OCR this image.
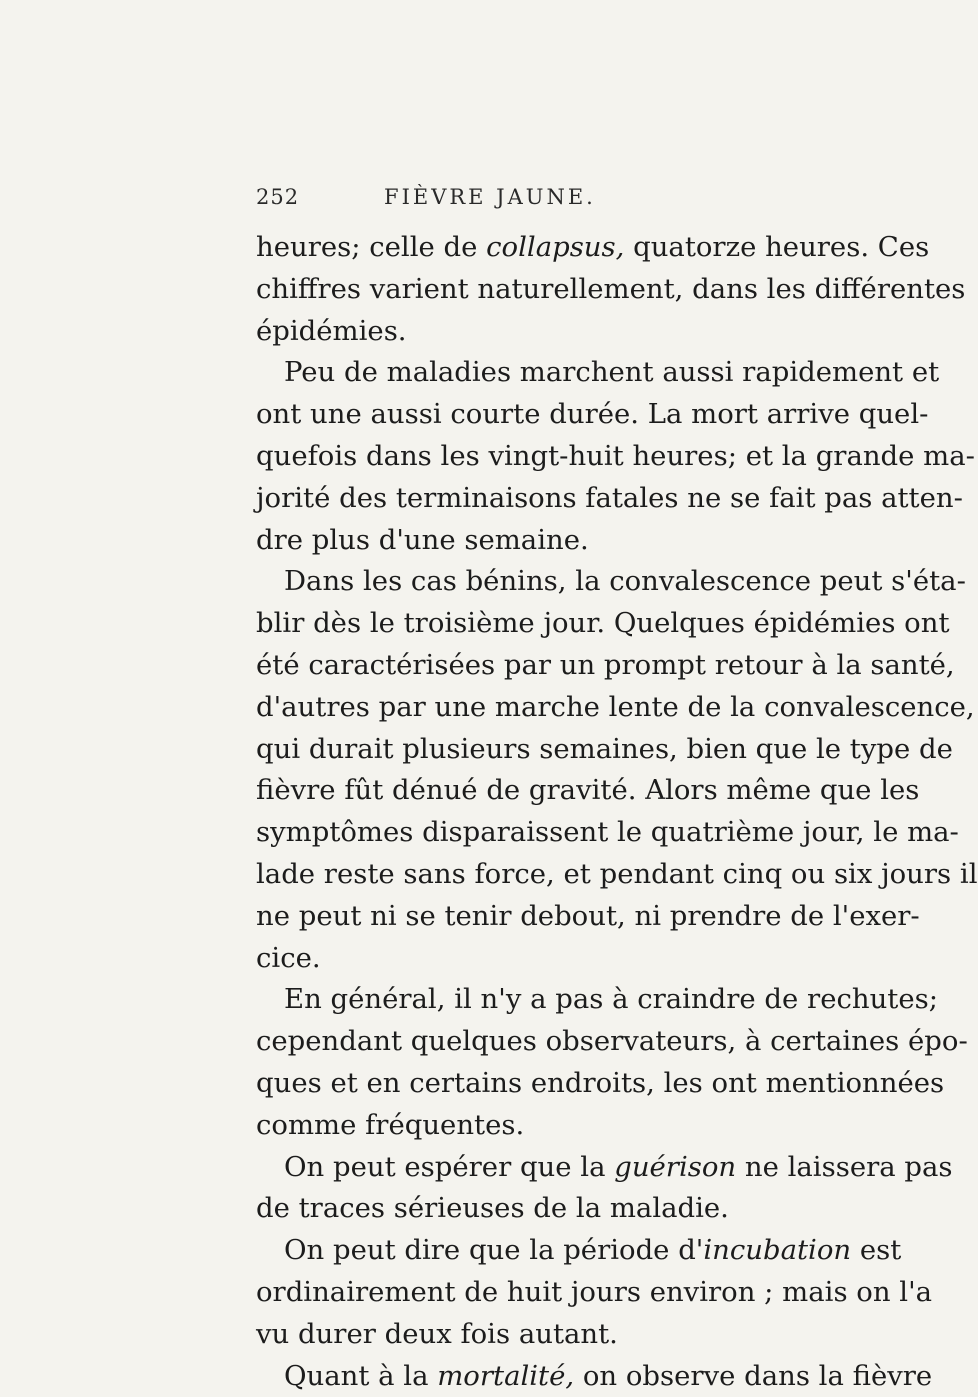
252	FIÈVRE JAUNE.
heures; celle de collapsus, quatorze heures. Ces
chiffres varient naturellement, dans les différentes
épidémies.
Peu de maladies marchent aussi rapidement et
ont une aussi courte durée. La mort arrive quel-
quefois dans les vingt-huit heures; et la grande ma-
jorité des terminaisons fatales ne se fait pas atten-
dre plus d'une semaine.
Dans les cas bénins, la convalescence peut s'éta-
blir dès le troisième jour. Quelques épidémies ont
été caractérisées par un prompt retour à la santé,
d'autres par une marche lente de la convalescence,
qui durait plusieurs semaines, bien que le type de
fièvre fût dénué de gravité. Alors même que les
symptômes disparaissent le quatrième jour, le ma-
lade reste sans force, et pendant cinq ou six jours il
ne peut ni se tenir debout, ni prendre de l'exer-
cice.
En général, il n'y a pas à craindre de rechutes;
cependant quelques observateurs, à certaines épo-
ques et en certains endroits, les ont mentionnées
comme fréquentes.
On peut espérer que la guérison ne laissera pas
de traces sérieuses de la maladie.
On peut dire que la période d'incubation est
ordinairement de huit jours environ ; mais on l'a
vu durer deux fois autant.
Quant à la mortalité, on observe dans la fièvre
